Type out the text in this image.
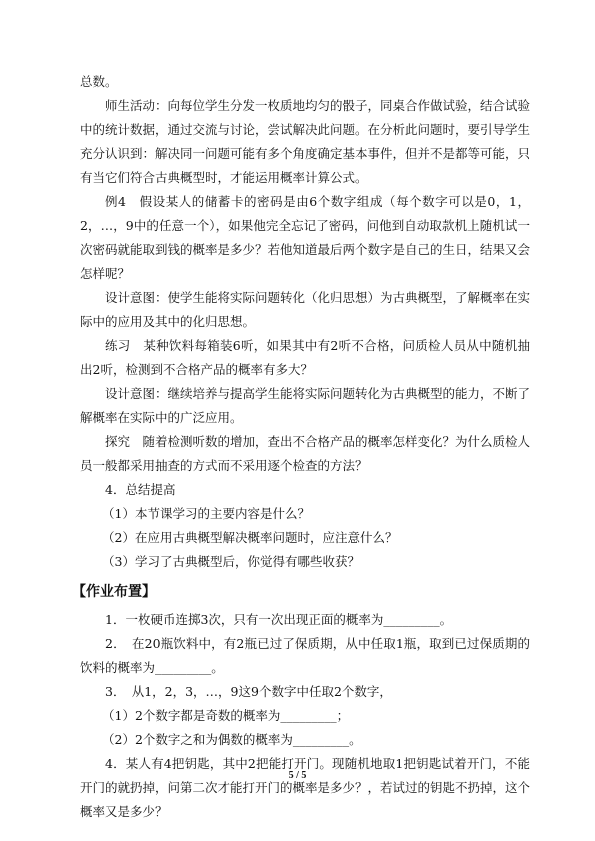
总数。

师生活动：向每位学生分发一枚质地均匀的骰子，同桌合作做试验，结合试验中的统计数据，通过交流与讨论，尝试解决此问题。在分析此问题时，要引导学生充分认识到：解决同一问题可能有多个角度确定基本事件，但并不是都等可能，只有当它们符合古典概型时，才能运用概率计算公式。

例4　假设某人的储蓄卡的密码是由6个数字组成（每个数字可以是0，1，2，…，9中的任意一个），如果他完全忘记了密码，问他到自动取款机上随机试一次密码就能取到钱的概率是多少？若他知道最后两个数字是自己的生日，结果又会怎样呢？

设计意图：使学生能将实际问题转化（化归思想）为古典概型，了解概率在实际中的应用及其中的化归思想。

练习　某种饮料每箱装6听，如果其中有2听不合格，问质检人员从中随机抽出2听，检测到不合格产品的概率有多大？

设计意图：继续培养与提高学生能将实际问题转化为古典概型的能力，不断了解概率在实际中的广泛应用。

探究　随着检测听数的增加，查出不合格产品的概率怎样变化？为什么质检人员一般都采用抽查的方式而不采用逐个检查的方法？

4．总结提高

（1）本节课学习的主要内容是什么？

（2）在应用古典概型解决概率问题时，应注意什么？

（3）学习了古典概型后，你觉得有哪些收获？

【作业布置】

1．一枚硬币连掷3次，只有一次出现正面的概率为_________。

2．　在20瓶饮料中，有2瓶已过了保质期，从中任取1瓶，取到已过保质期的饮料的概率为_________。

3．　从1，2，3，…，9这9个数字中任取2个数字，

（1）2个数字都是奇数的概率为_________；

（2）2个数字之和为偶数的概率为_________。

4．某人有4把钥匙，其中2把能打开门。现随机地取1把钥匙试着开门，不能开门的就扔掉，问第二次才能打开门的概率是多少？，若试过的钥匙不扔掉，这个概率又是多少？

5 / 5
